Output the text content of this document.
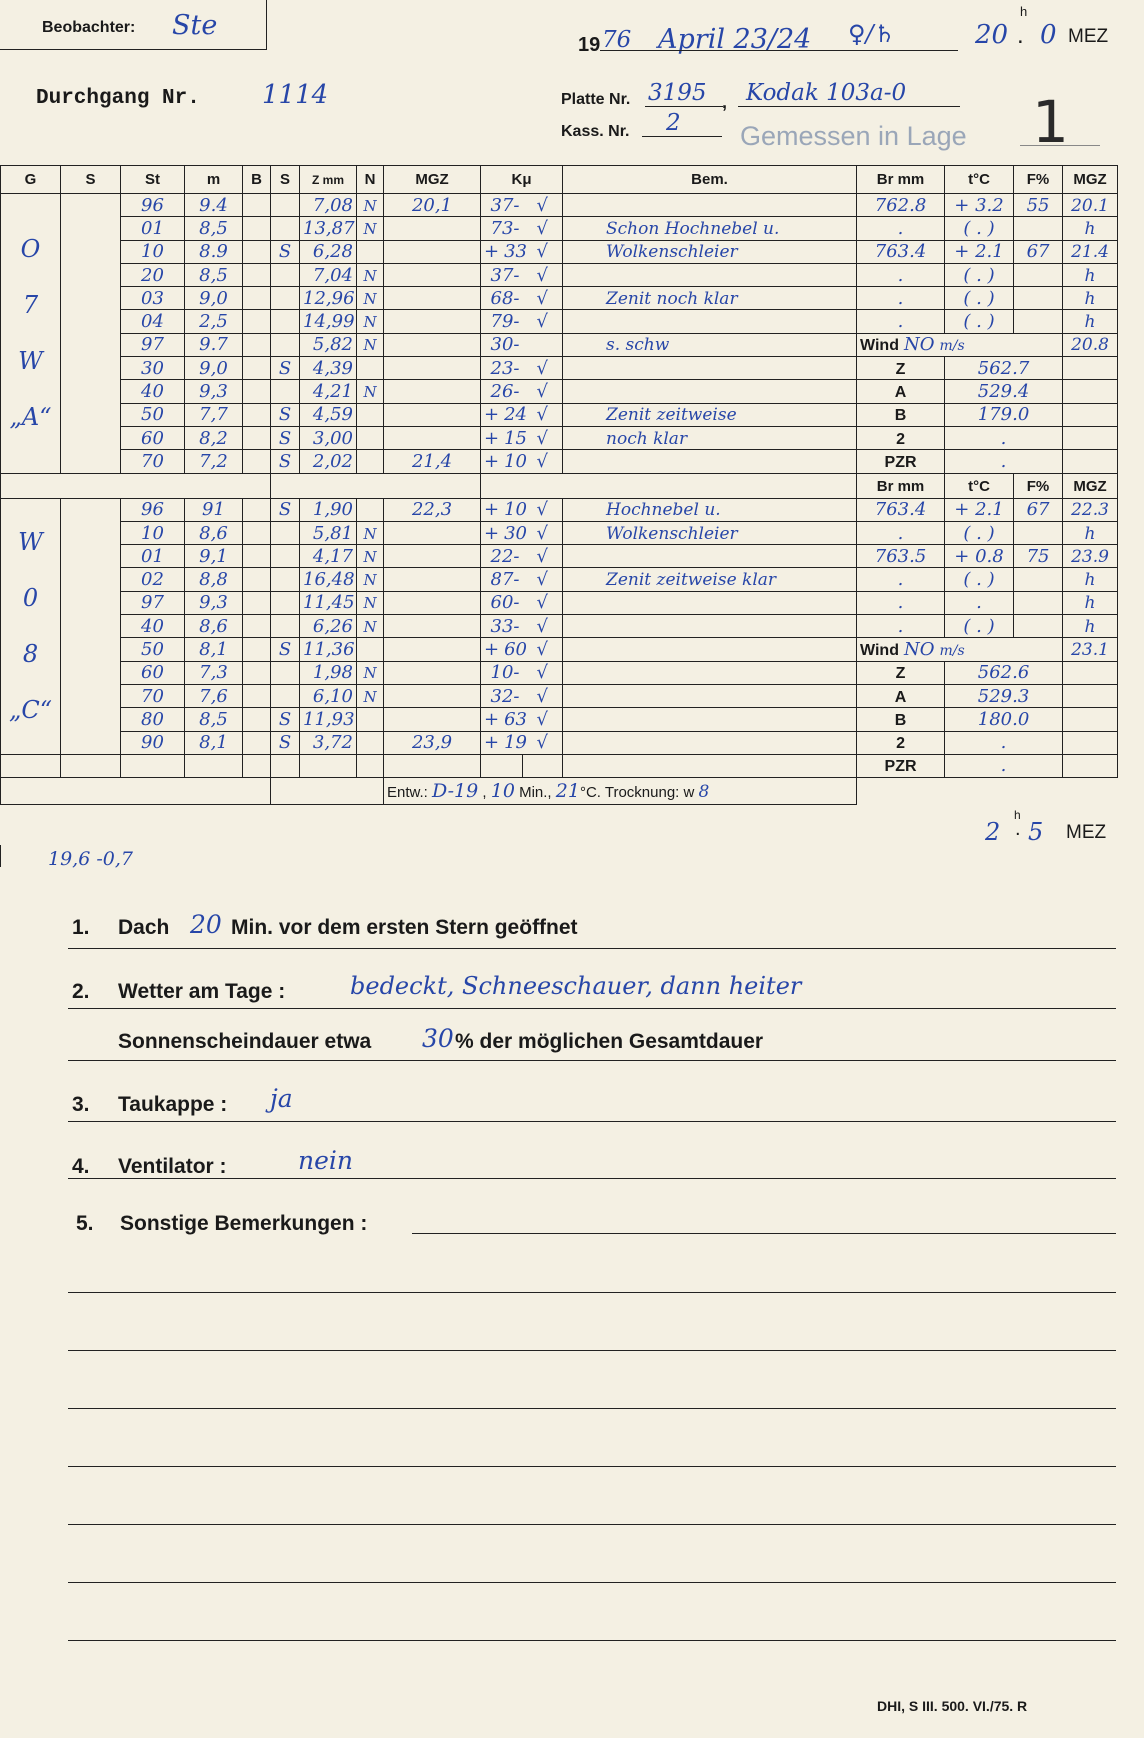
Beobachter: Ste
19 76 April 23/24 ♀/♄
h
20 . 0 MEZ
Durchgang Nr. 1114	Platte Nr. 3195 , Kodak 103a-0
Kass. Nr. 2 Gemessen in Lage 1
G	S	St	m	B	S	Z mm	N	MGZ	Kμ		Bem.	Br mm	t°C	F%	MGZ

O
7
W
„A“		96	9.4			7,08	N	20,1	37-	√		762.8	+ 3.2	55	20.1
		01	8,5			13,87	N		73-	√	Schon Hochnebel u.	.	( . )		h
		10	8.9		S	6,28			+ 33	√	Wolkenschleier	763.4	+ 2.1	67	21.4
		20	8,5			7,04	N		37-	√		.	( . )		h
		03	9,0			12,96	N		68-	√	Zenit noch klar	.	( . )		h
		04	2,5			14,99	N		79-	√		.	( . )		h
		97	9.7			5,82	N		30-		s. schw	Wind NO m/s			20.8
		30	9,0		S	4,39			23-	√		Z	562.7		
		40	9,3			4,21	N		26-	√		A	529.4		
		50	7,7		S	4,59			+ 24	√	Zenit zeitweise	B	179.0		
		60	8,2		S	3,00			+ 15	√	noch klar	2	.		
		70	7,2		S	2,02		21,4	+ 10	√		PZR	.		
												Br mm	t°C	F%	MGZ

W
0
8
„C“		96	91		S	1,90		22,3	+ 10	√	Hochnebel u.	763.4	+ 2.1	67	22.3
		10	8,6			5,81	N		+ 30	√	Wolkenschleier	.	( . )		h
		01	9,1			4,17	N		22-	√		763.5	+ 0.8	75	23.9
		02	8,8			16,48	N		87-	√	Zenit zeitweise klar	.	( . )		h
		97	9,3			11,45	N		60-	√		.	.		h
		40	8,6			6,26	N		33-	√		.	( . )		h
		50	8,1		S	11,36			+ 60	√		Wind NO m/s			23.1
		60	7,3			1,98	N		10-	√		Z	562.6		
		70	7,6			6,10	N		32-	√		A	529.3		
		80	8,5		S	11,93			+ 63	√		B	180.0		
		90	8,1		S	3,72		23,9	+ 19	√		2	.		
												PZR	.		
								Entw.: D-19 , 10 Min., 21°C. Trocknung: w 8							
2
h
. 5 MEZ
19,6 -0,7
1. Dach 20 Min. vor dem ersten Stern geöffnet
2. Wetter am Tage :	bedeckt, Schneeschauer, dann heiter
Sonnenscheindauer etwa 30 % der möglichen Gesamtdauer
3. Taukappe : ja
4. Ventilator :	nein
5. Sonstige Bemerkungen :
DHI, S III. 500. VI./75. R
